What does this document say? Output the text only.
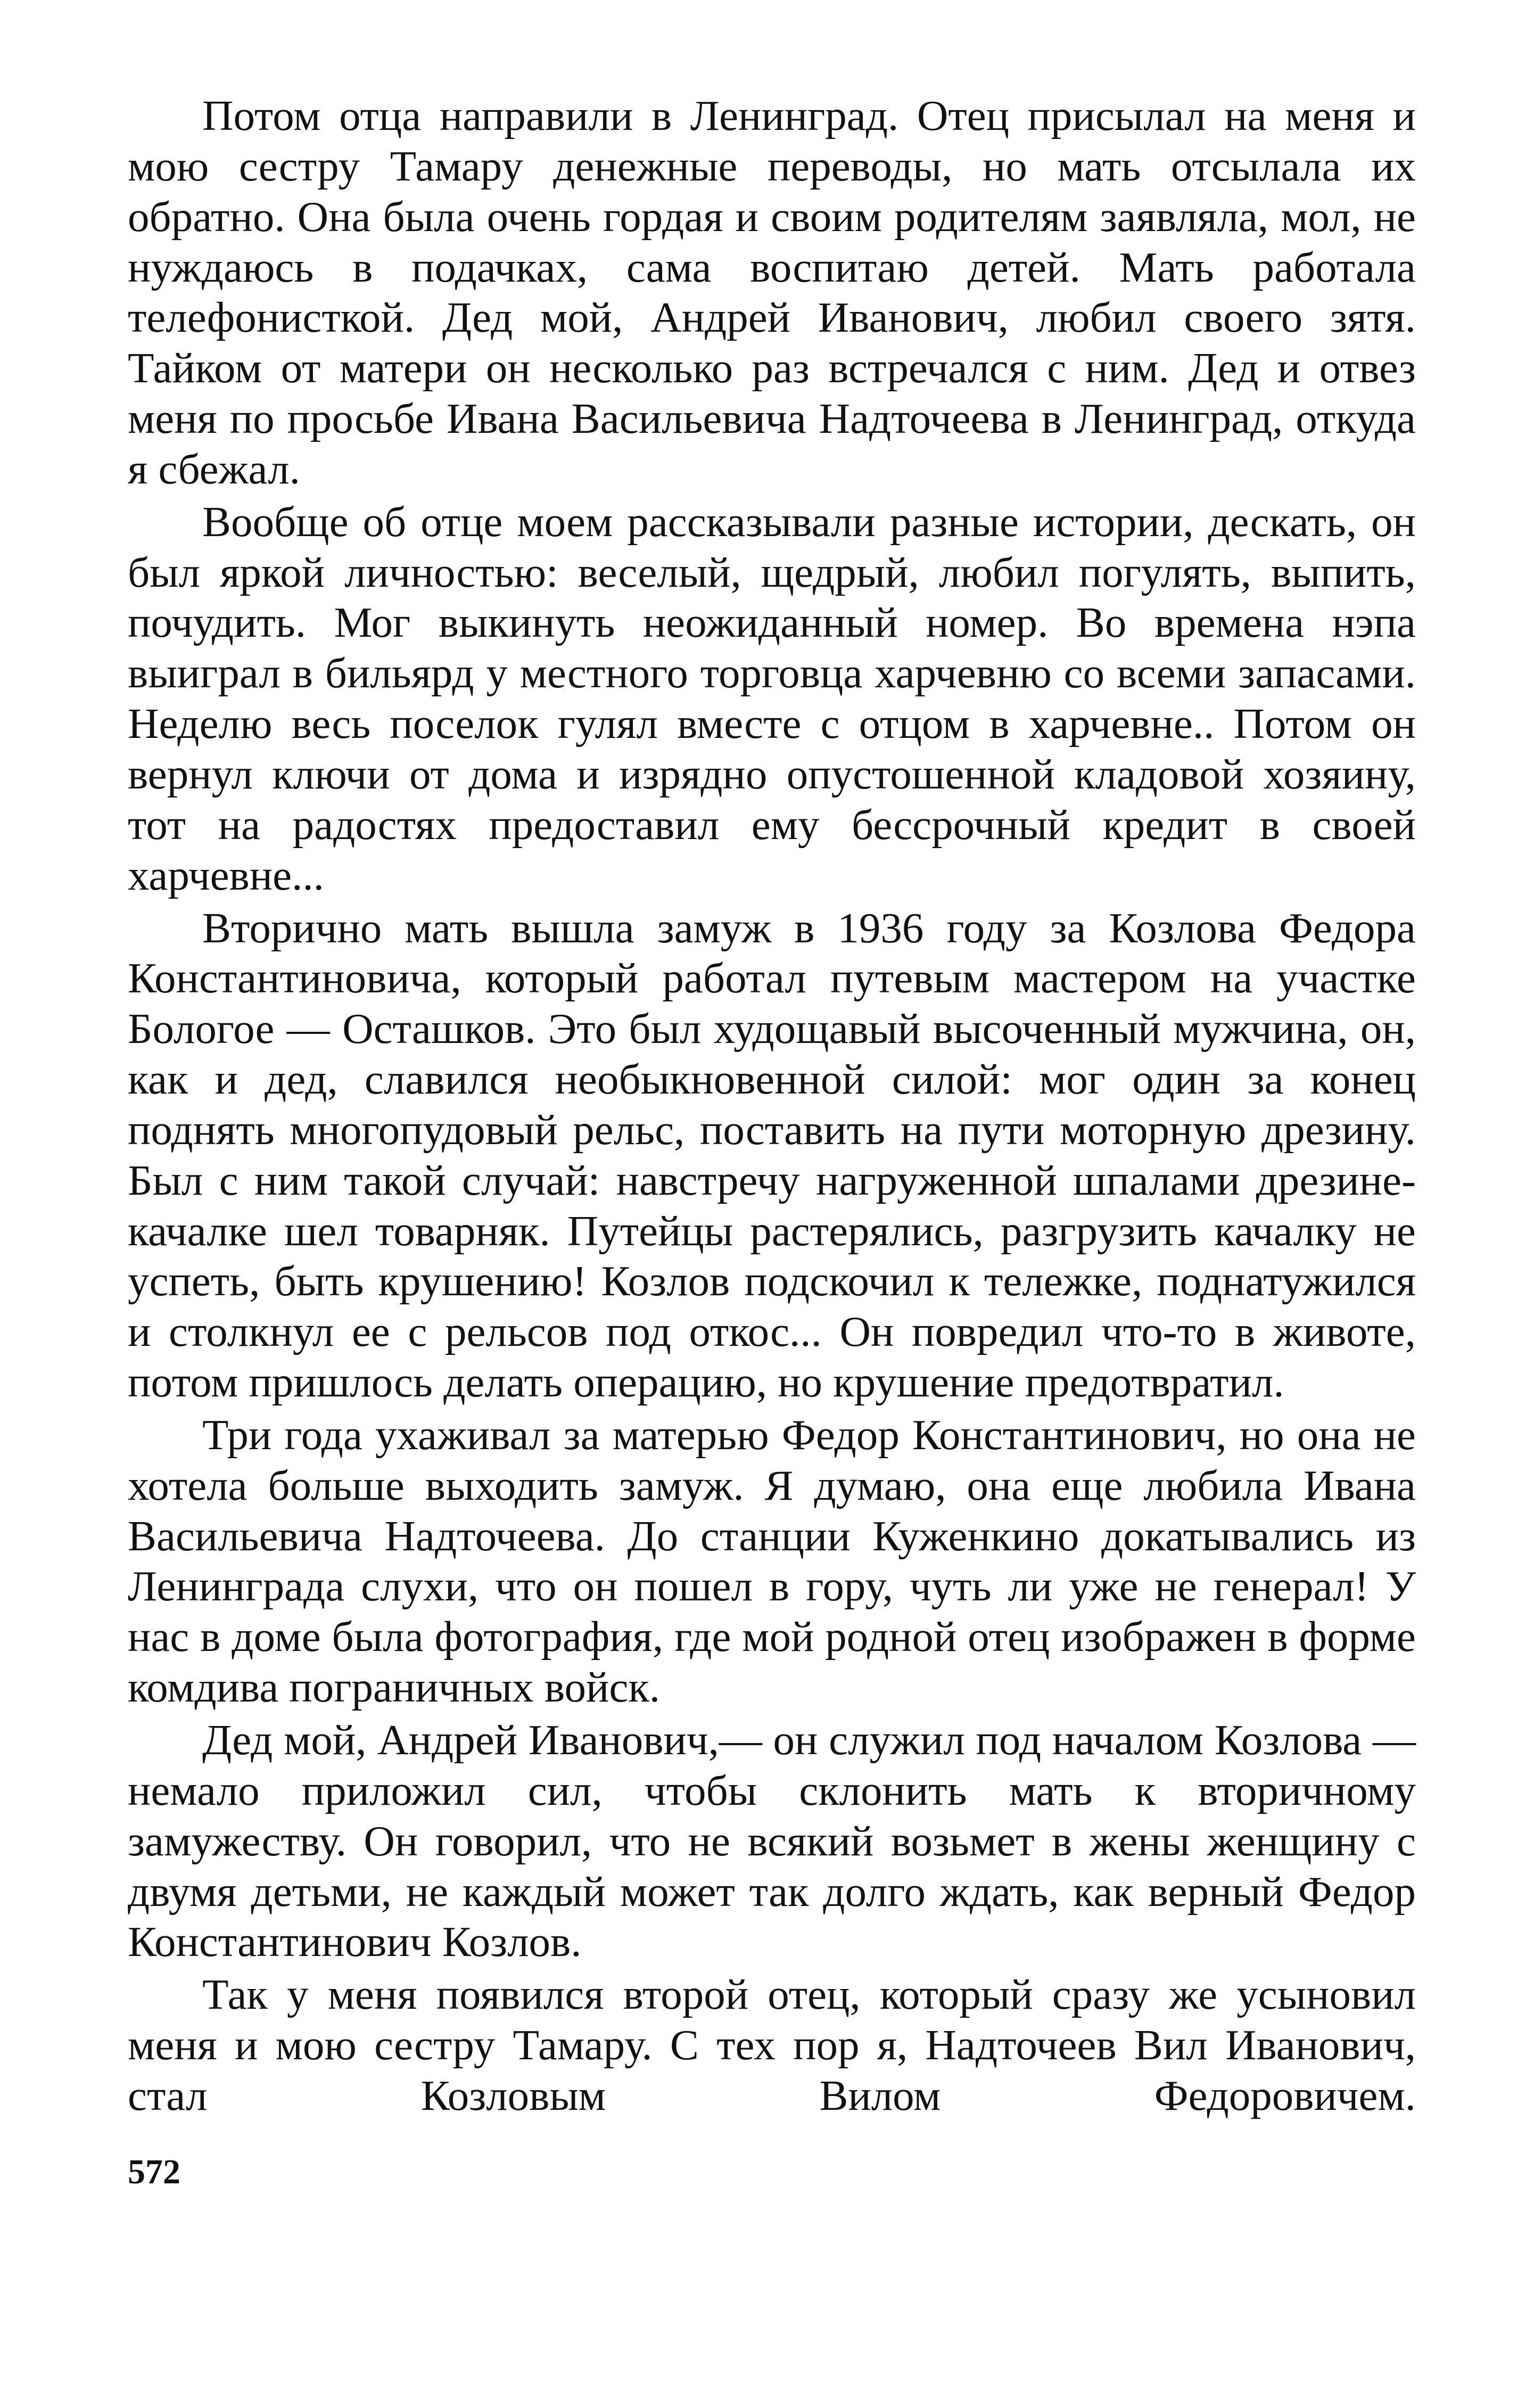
Потом отца направили в Ленинград. Отец присылал на меня и мою сестру Тамару денежные переводы, но мать отсылала их обратно. Она была очень гордая и своим родителям заявляла, мол, не нуждаюсь в подачках, сама воспитаю детей. Мать работала телефонисткой. Дед мой, Андрей Иванович, любил своего зятя. Тайком от матери он несколько раз встречался с ним. Дед и отвез меня по просьбе Ивана Васильевича Надточеева в Ленинград, откуда я сбежал.

Вообще об отце моем рассказывали разные истории, дескать, он был яркой личностью: веселый, щедрый, любил погулять, выпить, почудить. Мог выкинуть неожиданный номер. Во времена нэпа выиграл в бильярд у местного торговца харчевню со всеми запасами. Неделю весь поселок гулял вместе с отцом в харчевне.. Потом он вернул ключи от дома и изрядно опустошенной кладовой хозяину, тот на радостях предоставил ему бессрочный кредит в своей харчевне...

Вторично мать вышла замуж в 1936 году за Козлова Федора Константиновича, который работал путевым мастером на участке Бологое — Осташков. Это был худощавый высоченный мужчина, он, как и дед, славился необыкновенной силой: мог один за конец поднять многопудовый рельс, поставить на пути моторную дрезину. Был с ним такой случай: навстречу нагруженной шпалами дрезине-качалке шел товарняк. Путейцы растерялись, разгрузить качалку не успеть, быть крушению! Козлов подскочил к тележке, поднатужился и столкнул ее с рельсов под откос... Он повредил что-то в животе, потом пришлось делать операцию, но крушение предотвратил.

Три года ухаживал за матерью Федор Константинович, но она не хотела больше выходить замуж. Я думаю, она еще любила Ивана Васильевича Надточеева. До станции Куженкино докатывались из Ленинграда слухи, что он пошел в гору, чуть ли уже не генерал! У нас в доме была фотография, где мой родной отец изображен в форме комдива пограничных войск.

Дед мой, Андрей Иванович,— он служил под началом Козлова — немало приложил сил, чтобы склонить мать к вторичному замужеству. Он говорил, что не всякий возьмет в жены женщину с двумя детьми, не каждый может так долго ждать, как верный Федор Константинович Козлов.

Так у меня появился второй отец, который сразу же усыновил меня и мою сестру Тамару. С тех пор я, Надточеев Вил Иванович, стал Козловым Вилом Федоровичем.

572
